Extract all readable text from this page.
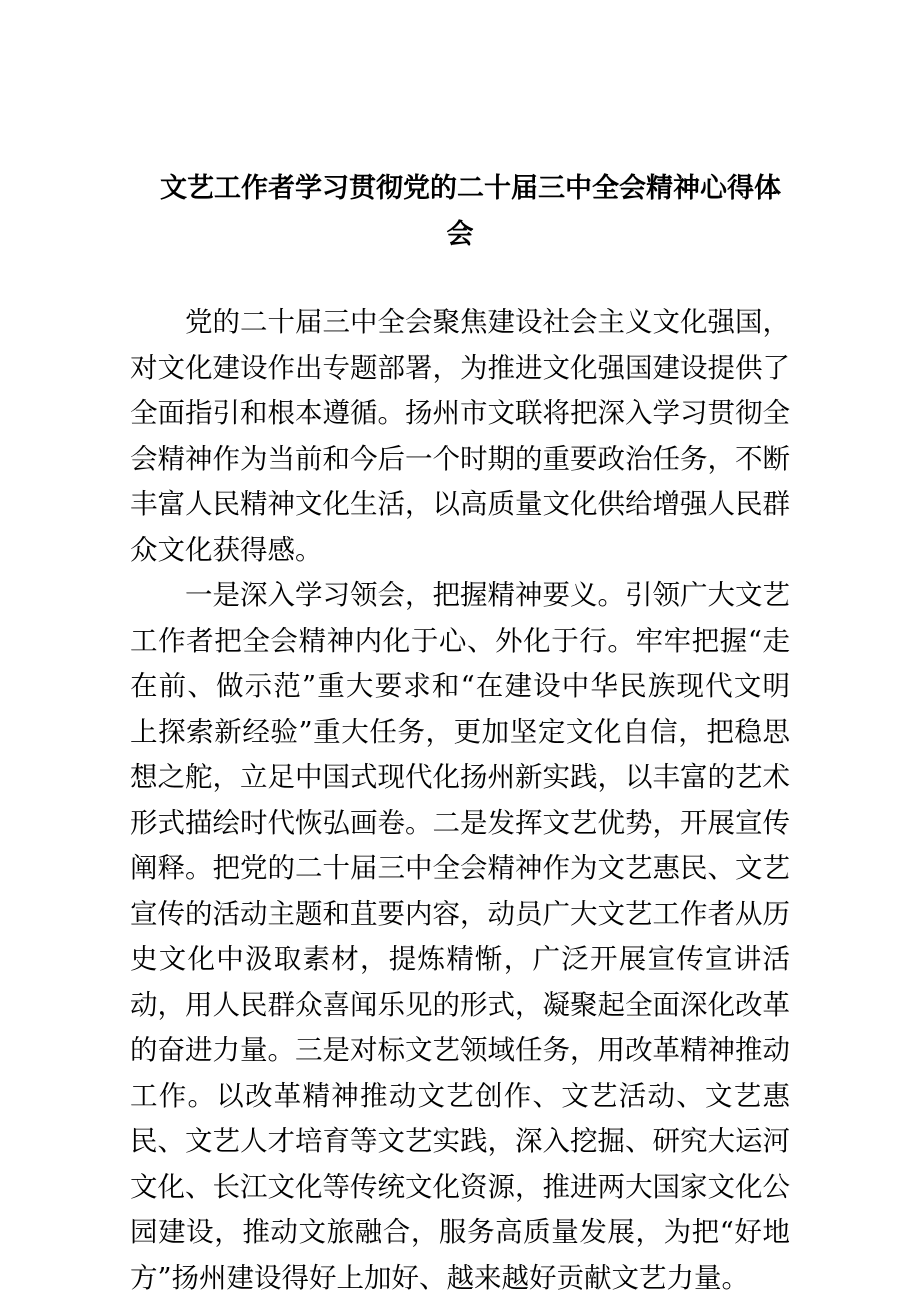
文艺工作者学习贯彻党的二十届三中全会精神心得体
会

党的二十届三中全会聚焦建设社会主义文化强国，对文化建设作出专题部署，为推进文化强国建设提供了全面指引和根本遵循。扬州市文联将把深入学习贯彻全会精神作为当前和今后一个时期的重要政治任务，不断丰富人民精神文化生活，以高质量文化供给增强人民群众文化获得感。

一是深入学习领会，把握精神要义。引领广大文艺工作者把全会精神内化于心、外化于行。牢牢把握“走在前、做示范”重大要求和“在建设中华民族现代文明上探索新经验”重大任务，更加坚定文化自信，把稳思想之舵，立足中国式现代化扬州新实践，以丰富的艺术形式描绘时代恢弘画卷。二是发挥文艺优势，开展宣传阐释。把党的二十届三中全会精神作为文艺惠民、文艺宣传的活动主题和苴要内容，动员广大文艺工作者从历史文化中汲取素材，提炼精惭，广泛开展宣传宣讲活动，用人民群众喜闻乐见的形式，凝聚起全面深化改革的奋进力量。三是对标文艺领域任务，用改革精神推动工作。以改革精神推动文艺创作、文艺活动、文艺惠民、文艺人才培育等文艺实践，深入挖掘、研究大运河文化、长江文化等传统文化资源，推进两大国家文化公园建设，推动文旅融合，服务高质量发展，为把“好地方”扬州建设得好上加好、越来越好贡献文艺力量。
